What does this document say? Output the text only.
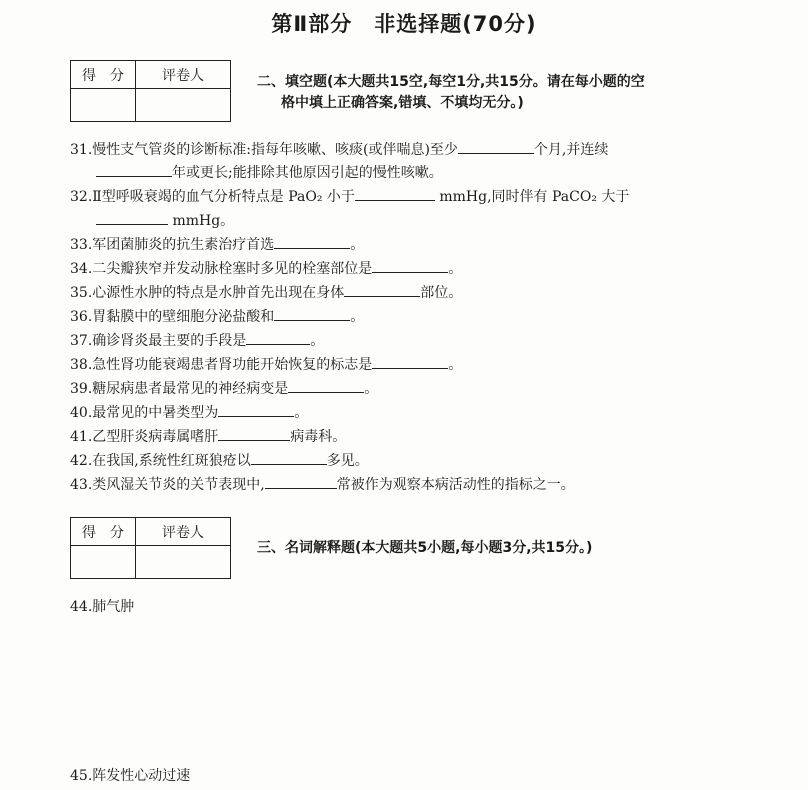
第Ⅱ部分　非选择题(70分)
得　分	评卷人
		二、填空题(本大题共15空,每空1分,共15分。请在每小题的空
格中填上正确答案,错填、不填均无分。)
31.慢性支气管炎的诊断标准:指每年咳嗽、咳痰(或伴喘息)至少	个月,并连续
年或更长;能排除其他原因引起的慢性咳嗽。
32.Ⅱ型呼吸衰竭的血气分析特点是 PaO₂ 小于	mmHg,同时伴有 PaCO₂ 大于
mmHg。
33.军团菌肺炎的抗生素治疗首选	。
34.二尖瓣狭窄并发动脉栓塞时多见的栓塞部位是	。
35.心源性水肿的特点是水肿首先出现在身体	部位。
36.胃黏膜中的壁细胞分泌盐酸和	。
37.确诊肾炎最主要的手段是	。
38.急性肾功能衰竭患者肾功能开始恢复的标志是	。
39.糖尿病患者最常见的神经病变是	。
40.最常见的中暑类型为	。
41.乙型肝炎病毒属嗜肝	病毒科。
42.在我国,系统性红斑狼疮以	多见。
43.类风湿关节炎的关节表现中,	常被作为观察本病活动性的指标之一。
得　分	评卷人

三、名词解释题(本大题共5小题,每小题3分,共15分。)
44.肺气肿
45.阵发性心动过速
